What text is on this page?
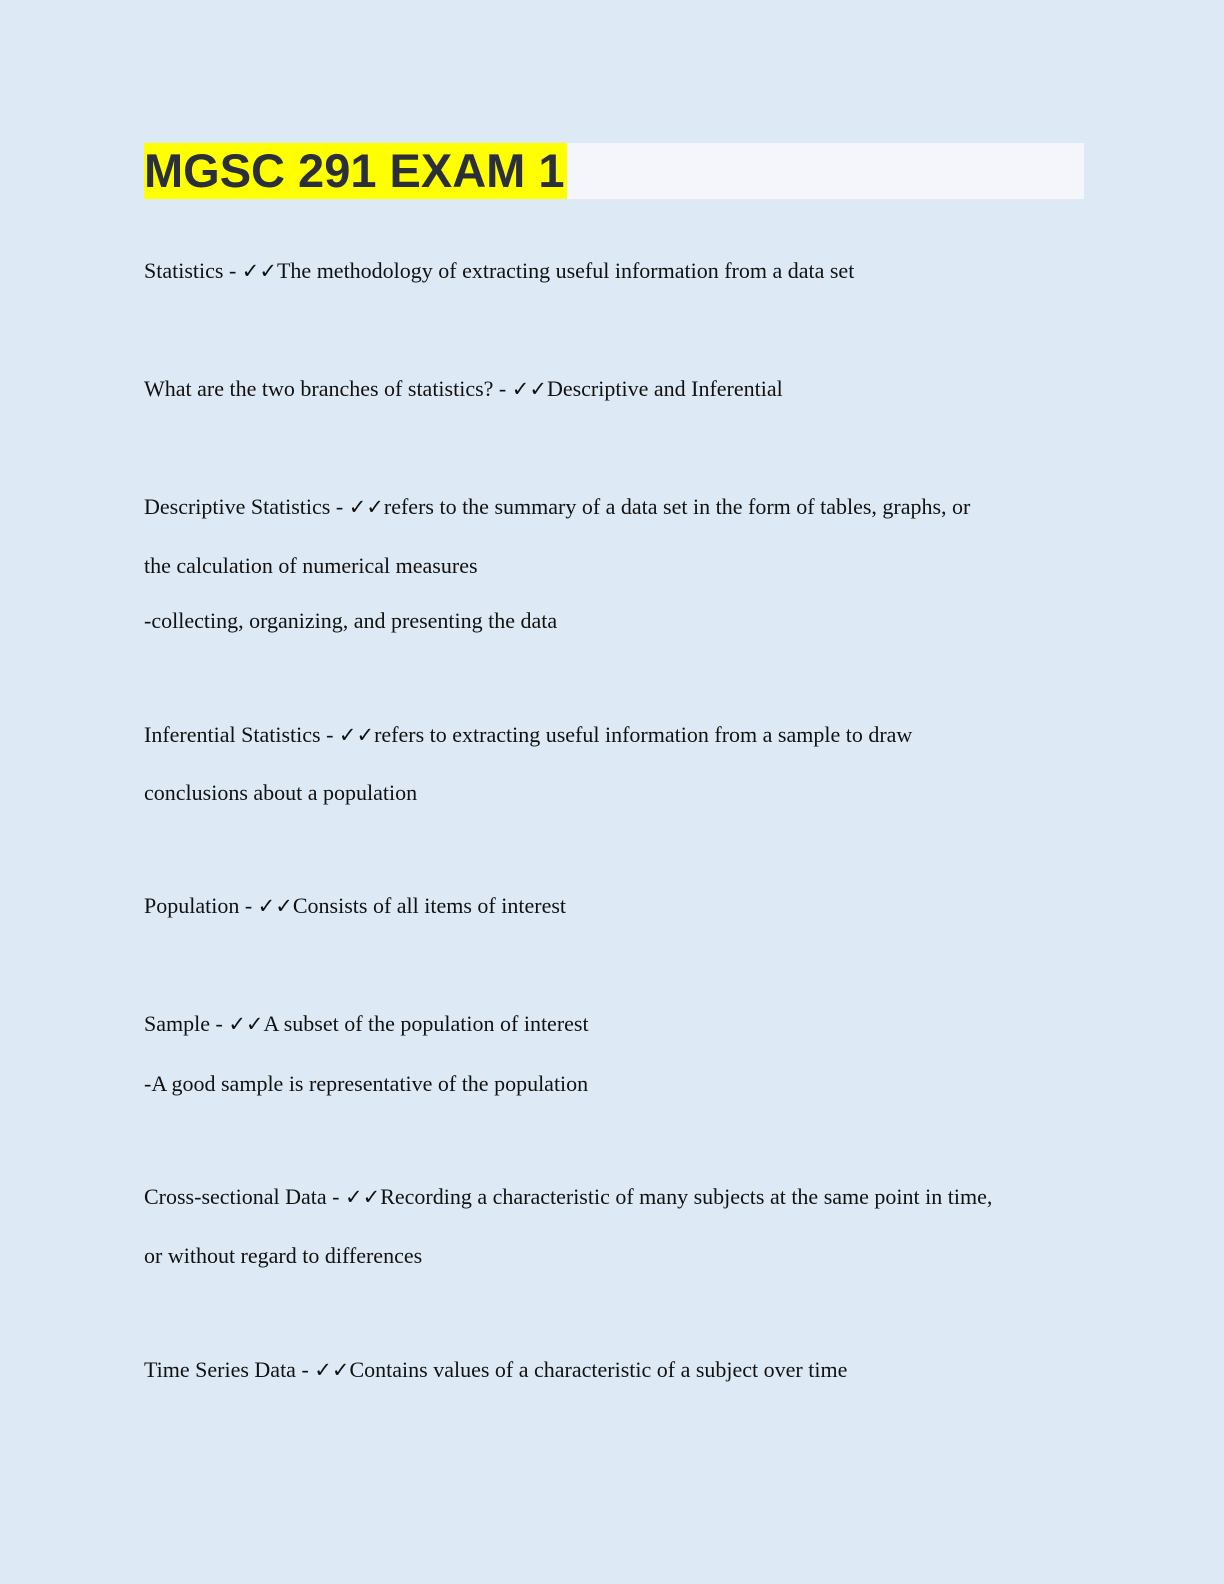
MGSC 291 EXAM 1

Statistics - ✓✓The methodology of extracting useful information from a data set

What are the two branches of statistics? - ✓✓Descriptive and Inferential

Descriptive Statistics - ✓✓refers to the summary of a data set in the form of tables, graphs, or

the calculation of numerical measures

-collecting, organizing, and presenting the data

Inferential Statistics - ✓✓refers to extracting useful information from a sample to draw

conclusions about a population

Population - ✓✓Consists of all items of interest

Sample - ✓✓A subset of the population of interest

-A good sample is representative of the population

Cross-sectional Data - ✓✓Recording a characteristic of many subjects at the same point in time,

or without regard to differences

Time Series Data - ✓✓Contains values of a characteristic of a subject over time
